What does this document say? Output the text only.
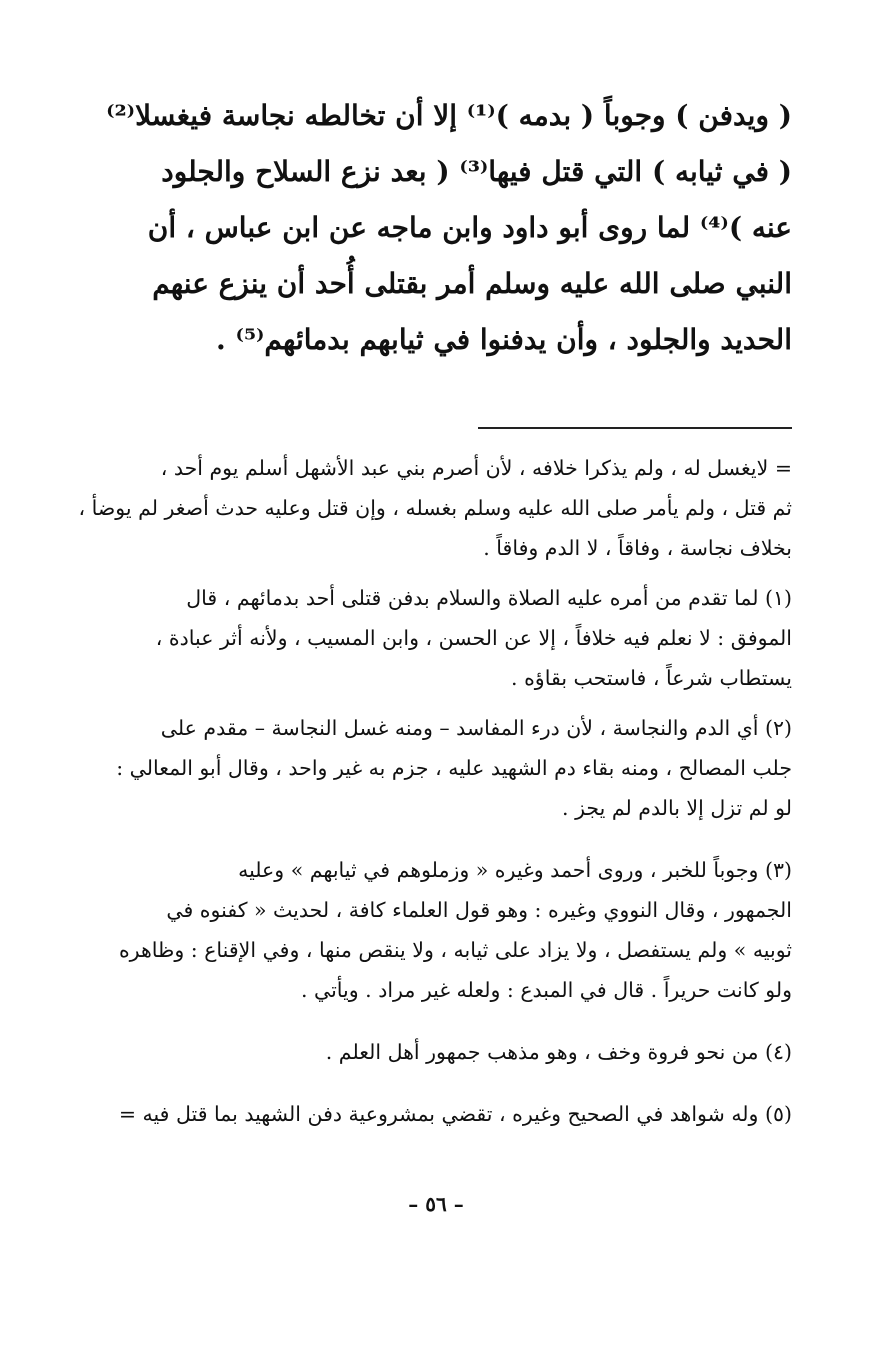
( ويدفن ) وجوباً ( بدمه )⁽¹⁾ إلا أن تخالطه نجاسة فيغسلا⁽²⁾

( في ثيابه ) التي قتل فيها⁽³⁾ ( بعد نزع السلاح والجلود

عنه )⁽⁴⁾ لما روى أبو داود وابن ماجه عن ابن عباس ، أن

النبي صلى الله عليه وسلم أمر بقتلى أُحد أن ينزع عنهم

الحديد والجلود ، وأن يدفنوا في ثيابهم بدمائهم⁽⁵⁾ .

= لايغسل له ، ولم يذكرا خلافه ، لأن أصرم بني عبد الأشهل أسلم يوم أحد ،
ثم قتل ، ولم يأمر صلى الله عليه وسلم بغسله ، وإن قتل وعليه حدث أصغر لم يوضأ ،
بخلاف نجاسة ، وفاقاً ، لا الدم وفاقاً .
(١) لما تقدم من أمره عليه الصلاة والسلام بدفن قتلى أحد بدمائهم ، قال
الموفق : لا نعلم فيه خلافاً ، إلا عن الحسن ، وابن المسيب ، ولأنه أثر عبادة ،
يستطاب شرعاً ، فاستحب بقاؤه .
(٢) أي الدم والنجاسة ، لأن درء المفاسد – ومنه غسل النجاسة – مقدم على
جلب المصالح ، ومنه بقاء دم الشهيد عليه ، جزم به غير واحد ، وقال أبو المعالي :
لو لم تزل إلا بالدم لم يجز .
(٣) وجوباً للخبر ، وروى أحمد وغيره « وزملوهم في ثيابهم » وعليه
الجمهور ، وقال النووي وغيره : وهو قول العلماء كافة ، لحديث « كفنوه في
ثوبيه » ولم يستفصل ، ولا يزاد على ثيابه ، ولا ينقص منها ، وفي الإقناع : وظاهره
ولو كانت حريراً . قال في المبدع : ولعله غير مراد . ويأتي .
(٤) من نحو فروة وخف ، وهو مذهب جمهور أهل العلم .
(٥) وله شواهد في الصحيح وغيره ، تقضي بمشروعية دفن الشهيد بما قتل فيه =
– ٥٦ –
